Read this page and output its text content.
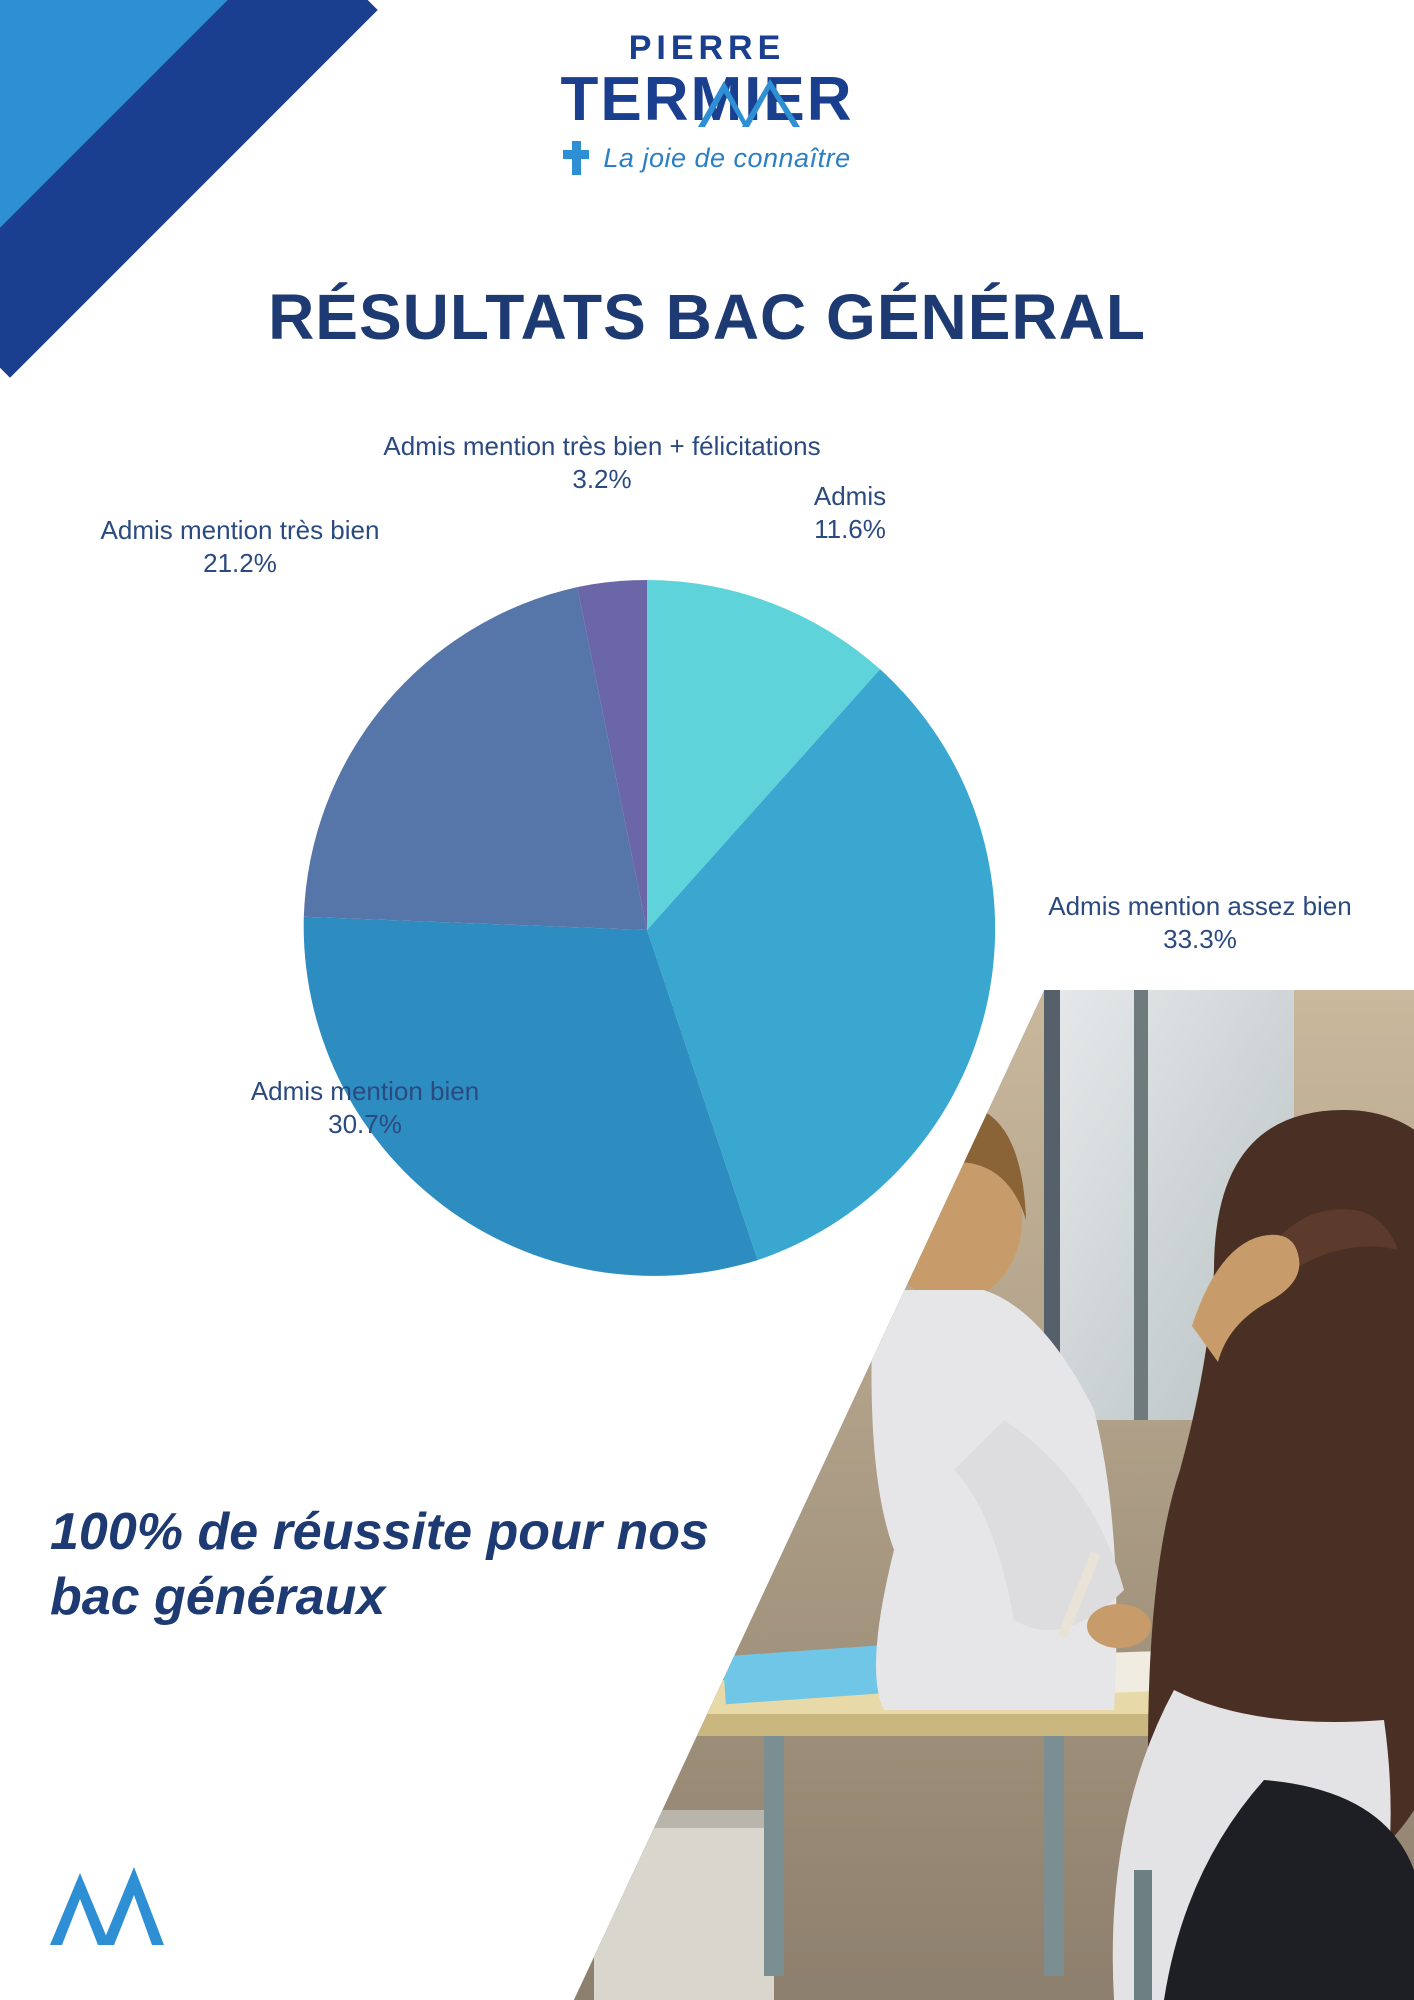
PIERRE
TERMIER
La joie de connaître
RÉSULTATS BAC GÉNÉRAL
Admis mention très bien + félicitations
3.2%
Admis
11.6%
Admis mention très bien
21.2%
Admis mention assez bien
33.3%
Admis mention bien
30.7%
100% de réussite pour nos bac généraux
